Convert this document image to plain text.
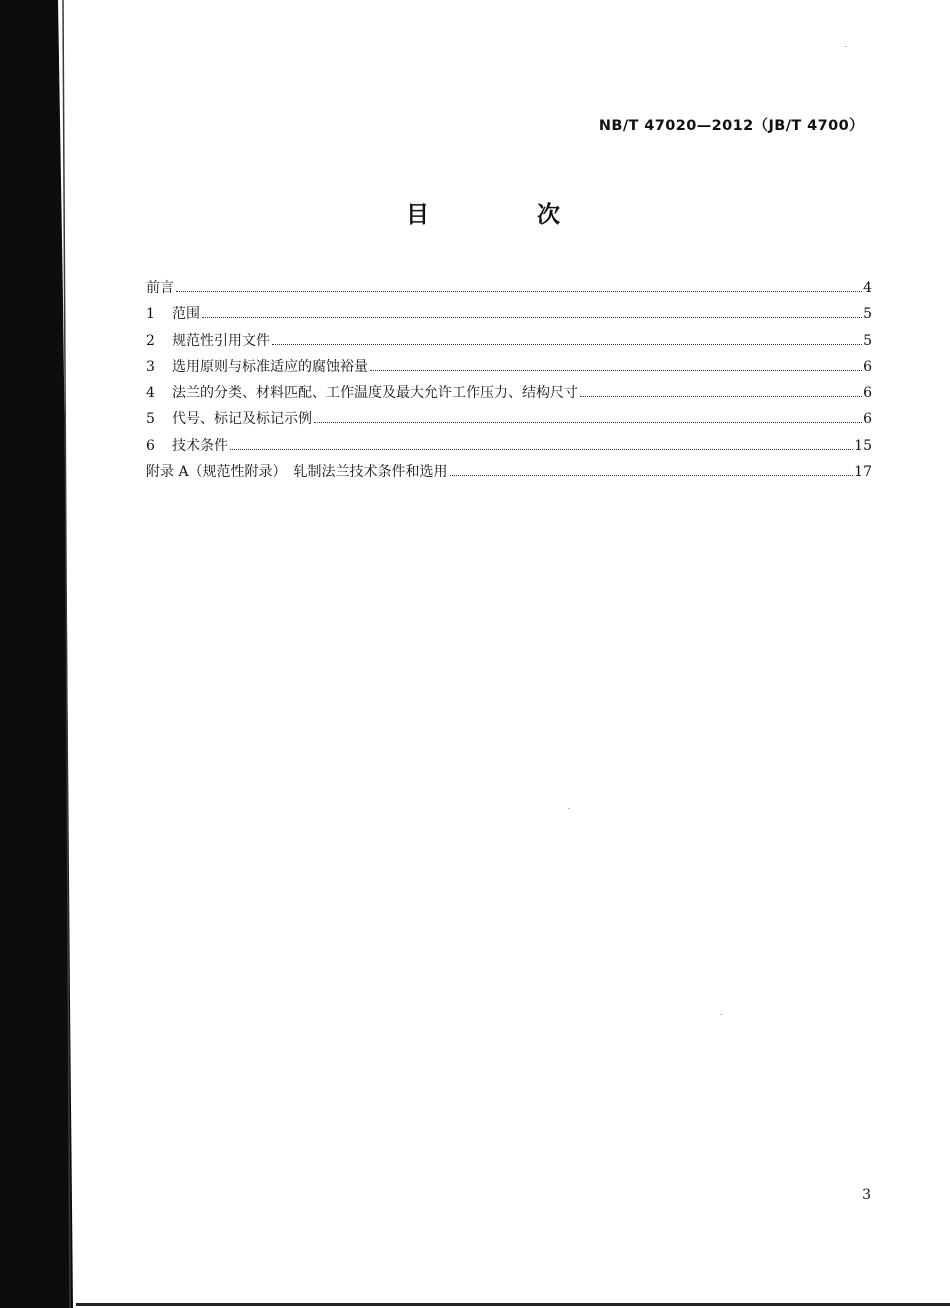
NB/T 47020—2012（JB/T 4700）
目 次
前言	4
1	范围	5
2	规范性引用文件	5
3	选用原则与标准适应的腐蚀裕量	6
4	法兰的分类、材料匹配、工作温度及最大允许工作压力、结构尺寸	6
5	代号、标记及标记示例	6
6	技术条件	15
附录 A（规范性附录）　轧制法兰技术条件和选用	17
3
